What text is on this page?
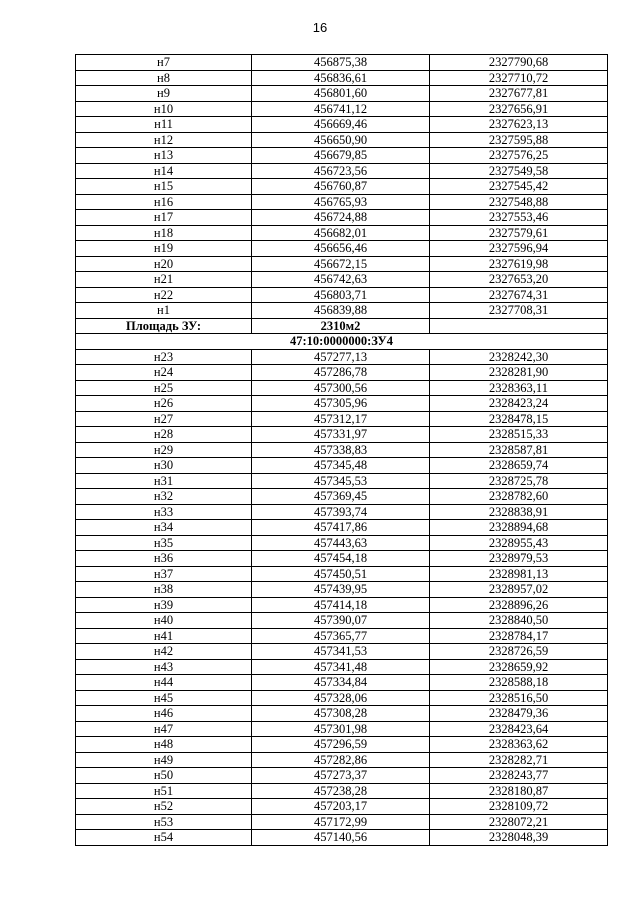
16
н7	456875,38	2327790,68
н8	456836,61	2327710,72
н9	456801,60	2327677,81
н10	456741,12	2327656,91
н11	456669,46	2327623,13
н12	456650,90	2327595,88
н13	456679,85	2327576,25
н14	456723,56	2327549,58
н15	456760,87	2327545,42
н16	456765,93	2327548,88
н17	456724,88	2327553,46
н18	456682,01	2327579,61
н19	456656,46	2327596,94
н20	456672,15	2327619,98
н21	456742,63	2327653,20
н22	456803,71	2327674,31
н1	456839,88	2327708,31
Площадь ЗУ:	2310м2	
47:10:0000000:ЗУ4		
н23	457277,13	2328242,30
н24	457286,78	2328281,90
н25	457300,56	2328363,11
н26	457305,96	2328423,24
н27	457312,17	2328478,15
н28	457331,97	2328515,33
н29	457338,83	2328587,81
н30	457345,48	2328659,74
н31	457345,53	2328725,78
н32	457369,45	2328782,60
н33	457393,74	2328838,91
н34	457417,86	2328894,68
н35	457443,63	2328955,43
н36	457454,18	2328979,53
н37	457450,51	2328981,13
н38	457439,95	2328957,02
н39	457414,18	2328896,26
н40	457390,07	2328840,50
н41	457365,77	2328784,17
н42	457341,53	2328726,59
н43	457341,48	2328659,92
н44	457334,84	2328588,18
н45	457328,06	2328516,50
н46	457308,28	2328479,36
н47	457301,98	2328423,64
н48	457296,59	2328363,62
н49	457282,86	2328282,71
н50	457273,37	2328243,77
н51	457238,28	2328180,87
н52	457203,17	2328109,72
н53	457172,99	2328072,21
н54	457140,56	2328048,39
